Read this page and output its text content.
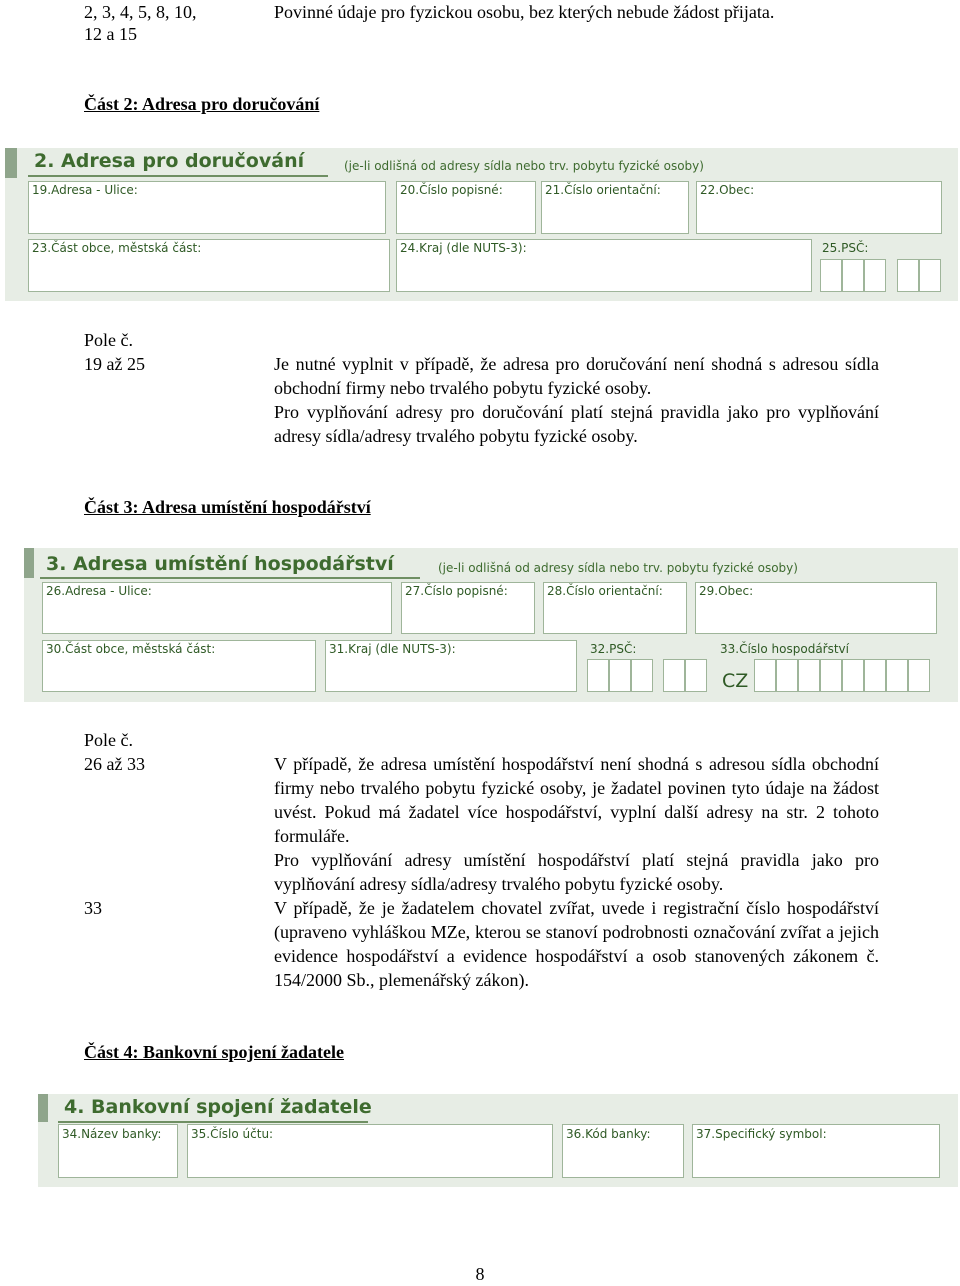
2, 3, 4, 5, 8, 10,
12 a 15
Povinné údaje pro fyzickou osobu, bez kterých nebude žádost přijata.
Část 2: Adresa pro doručování
2. Adresa pro doručování	(je-li odlišná od adresy sídla nebo trv. pobytu fyzické osoby)
19.Adresa - Ulice:	20.Číslo popisné:	21.Číslo orientační:	22.Obec:
23.Část obce, městská část:	24.Kraj (dle NUTS-3):	25.PSČ:
Pole č.
19 až 25	Je nutné vyplnit v případě, že adresa pro doručování není shodná s adresou sídla obchodní firmy nebo trvalého pobytu fyzické osoby.
Pro vyplňování adresy pro doručování platí stejná pravidla jako pro vyplňování adresy sídla/adresy trvalého pobytu fyzické osoby.
Část 3: Adresa umístění hospodářství
3. Adresa umístění hospodářství	(je-li odlišná od adresy sídla nebo trv. pobytu fyzické osoby)
26.Adresa - Ulice:	27.Číslo popisné:	28.Číslo orientační:	29.Obec:
30.Část obce, městská část:	31.Kraj (dle NUTS-3):	32.PSČ:	33.Číslo hospodářství
CZ
Pole č.
26 až 33	V případě, že adresa umístění hospodářství není shodná s adresou sídla obchodní firmy nebo trvalého pobytu fyzické osoby, je žadatel povinen tyto údaje na žádost uvést. Pokud má žadatel více hospodářství, vyplní další adresy na str. 2 tohoto formuláře.
Pro vyplňování adresy umístění hospodářství platí stejná pravidla jako pro vyplňování adresy sídla/adresy trvalého pobytu fyzické osoby.
33	V případě, že je žadatelem chovatel zvířat, uvede i registrační číslo hospodářství (upraveno vyhláškou MZe, kterou se stanoví podrobnosti označování zvířat a jejich evidence hospodářství a evidence hospodářství a osob stanovených zákonem č. 154/2000 Sb., plemenářský zákon).
Část 4: Bankovní spojení žadatele
4. Bankovní spojení žadatele
34.Název banky: 35.Číslo účtu:	36.Kód banky:	37.Specifický symbol:
8
